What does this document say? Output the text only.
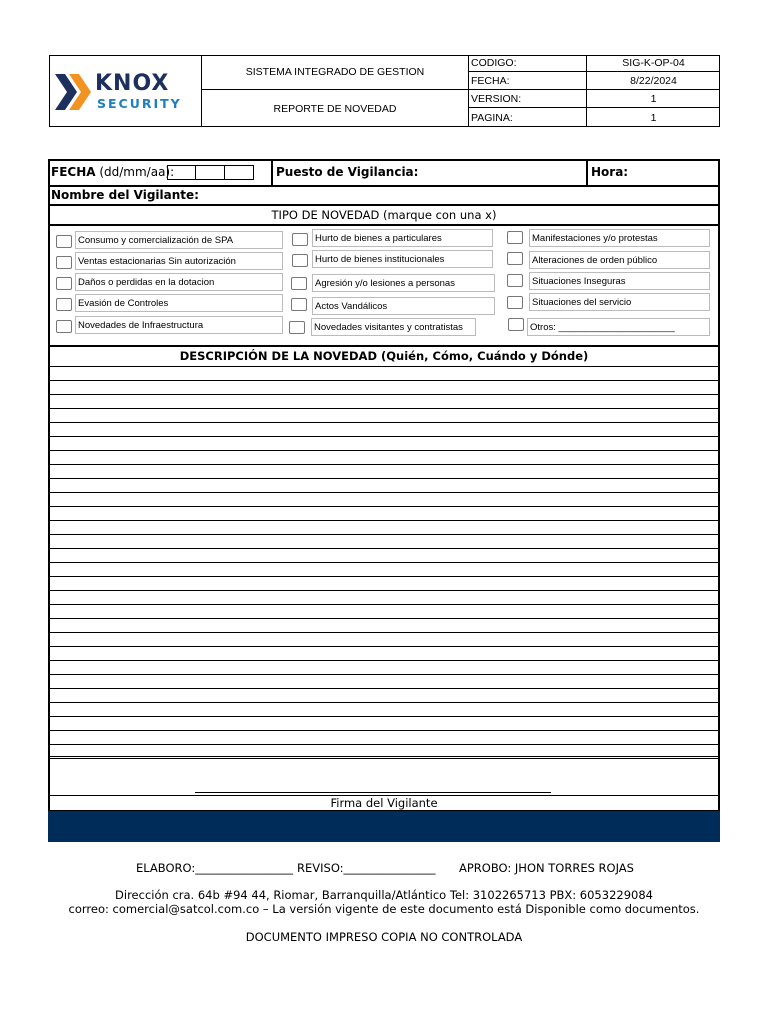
KNOX
SECURITY
SISTEMA INTEGRADO DE GESTION
REPORTE DE NOVEDAD
CODIGO:	SIG-K-OP-04
FECHA:	8/22/2024
VERSION:	1
PAGINA:	1
FECHA (dd/mm/aa):	Puesto de Vigilancia:	Hora:
Nombre del Vigilante:
TIPO DE NOVEDAD (marque con una x)
Consumo y comercialización de SPA
Ventas estacionarias Sin autorización
Daños o perdidas en la dotacion
Evasión de Controles
Novedades de Infraestructura
Hurto de bienes a particulares
Hurto de bienes institucionales
Agresión y/o lesiones a personas
Actos Vandálicos
Novedades visitantes y contratistas
Manifestaciones y/o protestas
Alteraciones de orden público
Situaciones Inseguras
Situaciones del servicio
Otros: ______________________
DESCRIPCIÓN DE LA NOVEDAD (Quién, Cómo, Cuándo y Dónde)
Firma del Vigilante
ELABORO:_________________ REVISO:________________ APROBO: JHON TORRES ROJAS
Dirección cra. 64b #94 44, Riomar, Barranquilla/Atlántico Tel: 3102265713 PBX: 6053229084
correo: comercial@satcol.com.co – La versión vigente de este documento está Disponible como documentos.
DOCUMENTO IMPRESO COPIA NO CONTROLADA
